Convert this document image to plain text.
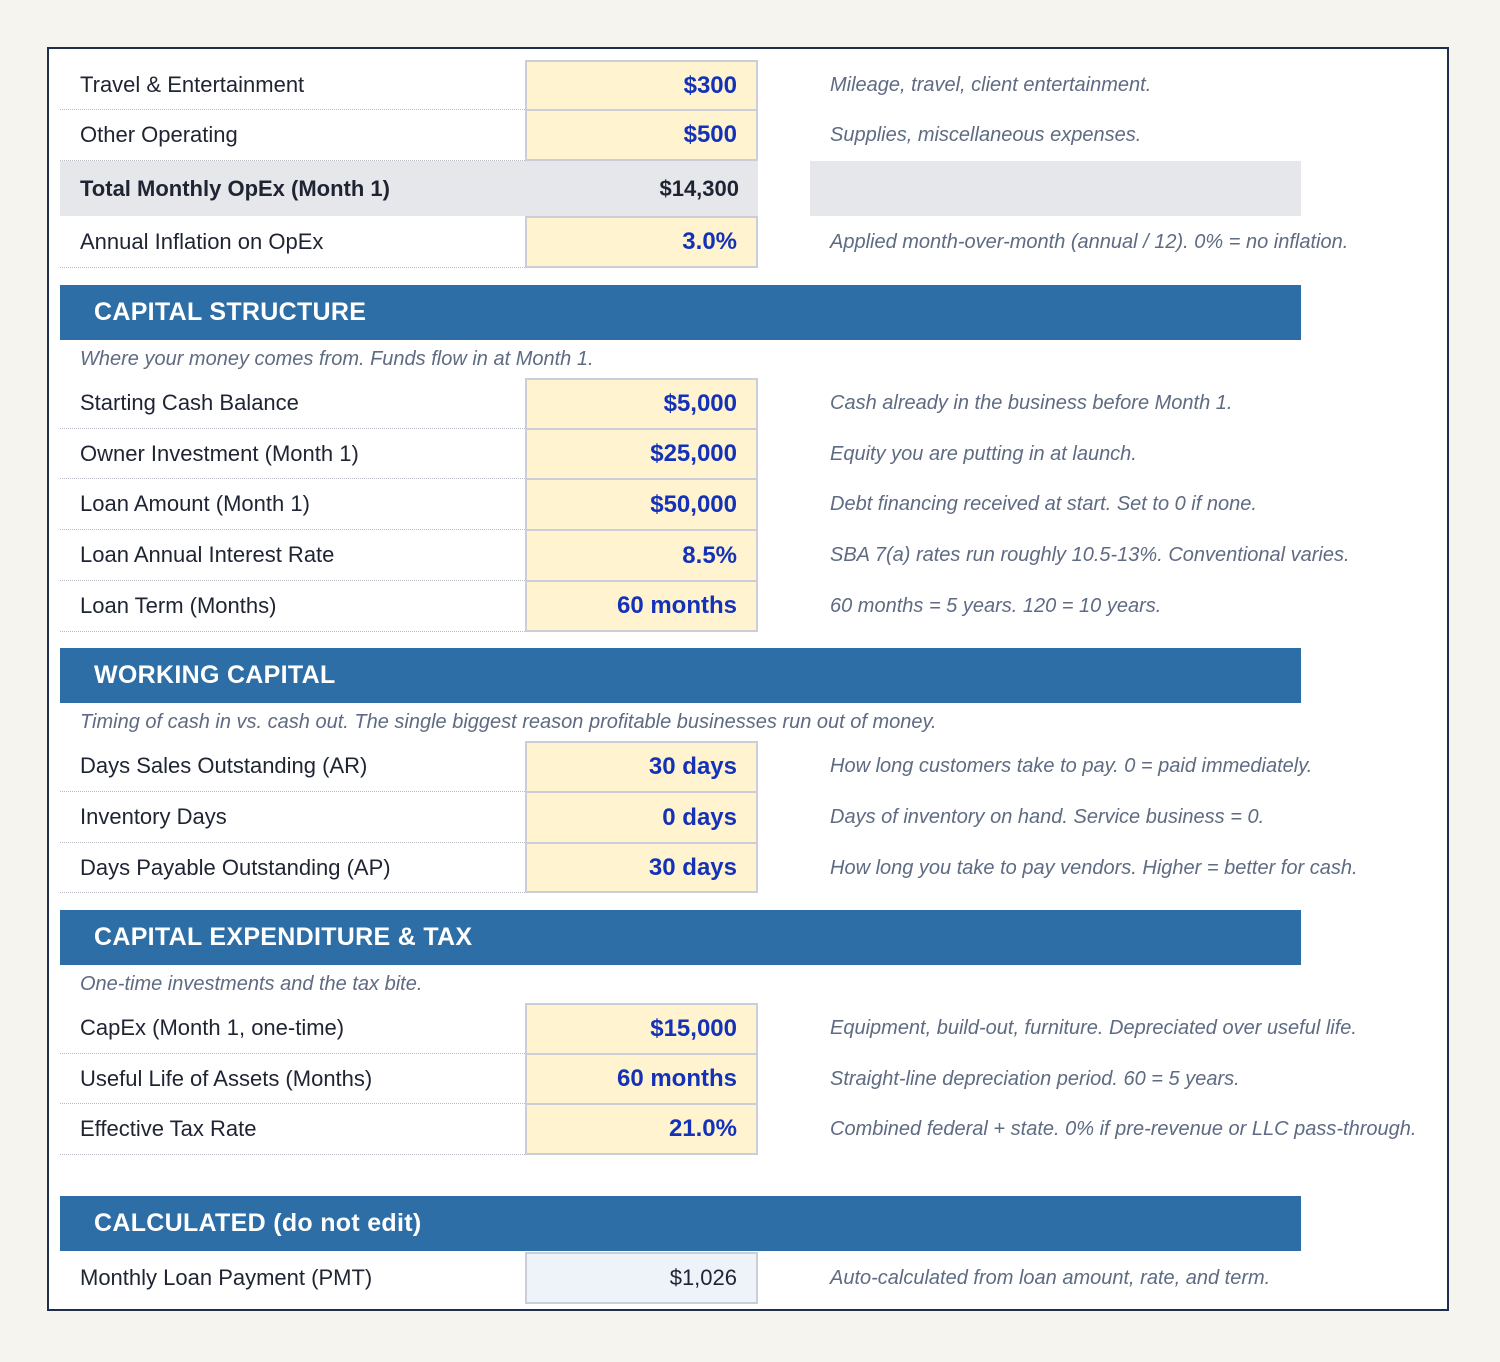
Travel & Entertainment	$300	Mileage, travel, client entertainment.
Other Operating	$500	Supplies, miscellaneous expenses.
Total Monthly OpEx (Month 1)	$14,300
Annual Inflation on OpEx	3.0%	Applied month-over-month (annual / 12). 0% = no inflation.
CAPITAL STRUCTURE
Where your money comes from. Funds flow in at Month 1.
Starting Cash Balance	$5,000	Cash already in the business before Month 1.
Owner Investment (Month 1)	$25,000	Equity you are putting in at launch.
Loan Amount (Month 1)	$50,000	Debt financing received at start. Set to 0 if none.
Loan Annual Interest Rate	8.5%	SBA 7(a) rates run roughly 10.5-13%. Conventional varies.
Loan Term (Months)	60 months	60 months = 5 years. 120 = 10 years.
WORKING CAPITAL
Timing of cash in vs. cash out. The single biggest reason profitable businesses run out of money.
Days Sales Outstanding (AR)	30 days	How long customers take to pay. 0 = paid immediately.
Inventory Days	0 days	Days of inventory on hand. Service business = 0.
Days Payable Outstanding (AP)	30 days	How long you take to pay vendors. Higher = better for cash.
CAPITAL EXPENDITURE & TAX
One-time investments and the tax bite.
CapEx (Month 1, one-time)	$15,000	Equipment, build-out, furniture. Depreciated over useful life.
Useful Life of Assets (Months)	60 months	Straight-line depreciation period. 60 = 5 years.
Effective Tax Rate	21.0%	Combined federal + state. 0% if pre-revenue or LLC pass-through.
CALCULATED (do not edit)
Monthly Loan Payment (PMT)	$1,026	Auto-calculated from loan amount, rate, and term.
